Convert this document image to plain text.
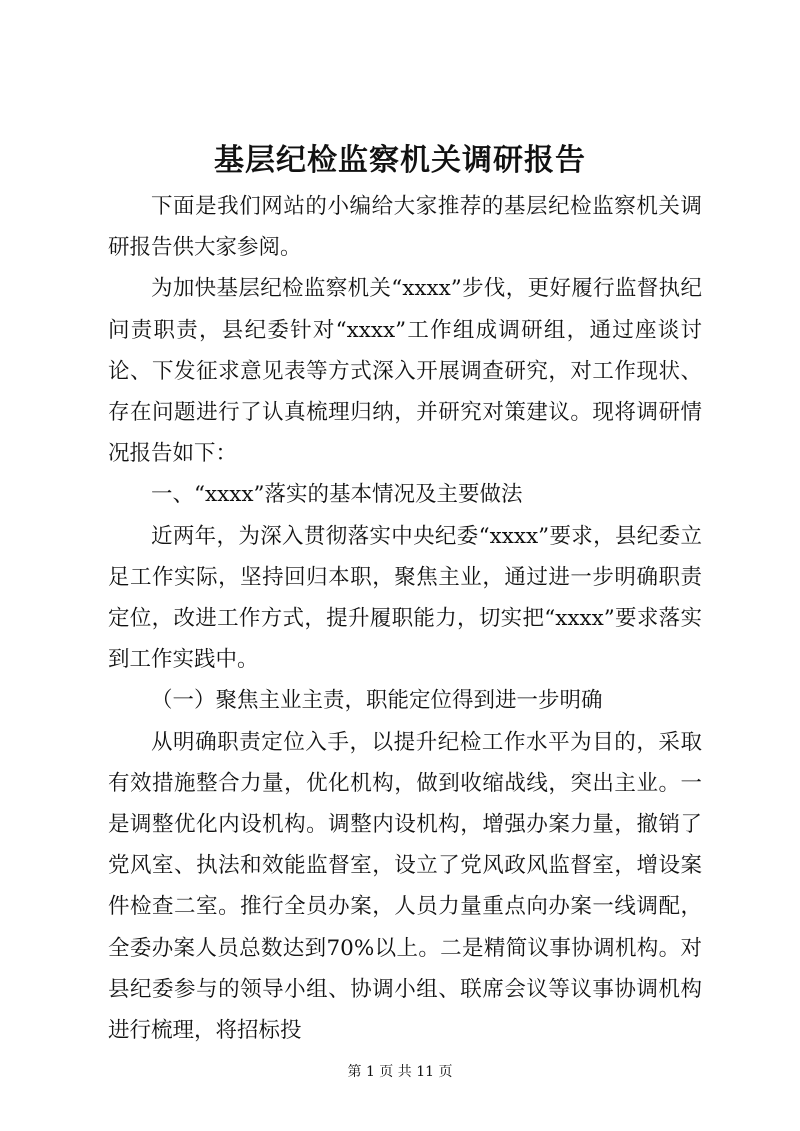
基层纪检监察机关调研报告

下面是我们网站的小编给大家推荐的基层纪检监察机关调研报告供大家参阅。

为加快基层纪检监察机关“xxxx”步伐，更好履行监督执纪问责职责，县纪委针对“xxxx”工作组成调研组，通过座谈讨论、下发征求意见表等方式深入开展调查研究，对工作现状、存在问题进行了认真梳理归纳，并研究对策建议。现将调研情况报告如下：

一、“xxxx”落实的基本情况及主要做法

近两年，为深入贯彻落实中央纪委“xxxx”要求，县纪委立足工作实际，坚持回归本职，聚焦主业，通过进一步明确职责定位，改进工作方式，提升履职能力，切实把“xxxx”要求落实到工作实践中。

（一）聚焦主业主责，职能定位得到进一步明确

从明确职责定位入手，以提升纪检工作水平为目的，采取有效措施整合力量，优化机构，做到收缩战线，突出主业。一是调整优化内设机构。调整内设机构，增强办案力量，撤销了党风室、执法和效能监督室，设立了党风政风监督室，增设案件检查二室。推行全员办案，人员力量重点向办案一线调配，全委办案人员总数达到70%以上。二是精简议事协调机构。对县纪委参与的领导小组、协调小组、联席会议等议事协调机构进行梳理，将招标投

第 1 页 共 11 页
